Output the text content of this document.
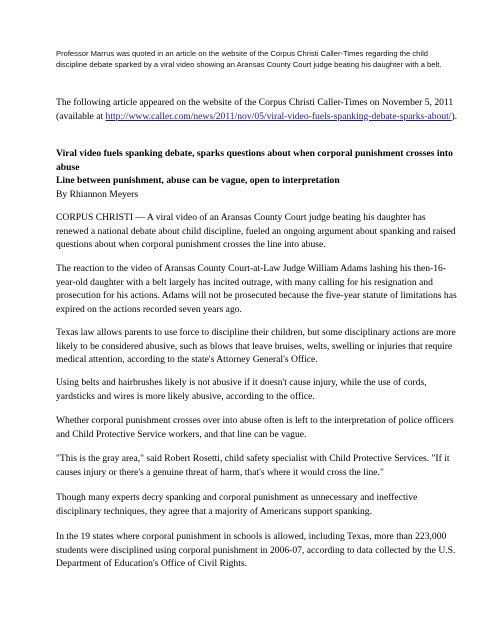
Professor Marrus was quoted in an article on the website of the Corpus Christi Caller-Times regarding the child discipline debate sparked by a viral video showing an Aransas County Court judge beating his daughter with a belt.
The following article appeared on the website of the Corpus Christi Caller-Times on November 5, 2011 (available at http://www.caller.com/news/2011/nov/05/viral-video-fuels-spanking-debate-sparks-about/).
Viral video fuels spanking debate, sparks questions about when corporal punishment crosses into abuse
Line between punishment, abuse can be vague, open to interpretation
By Rhiannon Meyers
CORPUS CHRISTI — A viral video of an Aransas County Court judge beating his daughter has renewed a national debate about child discipline, fueled an ongoing argument about spanking and raised questions about when corporal punishment crosses the line into abuse.
The reaction to the video of Aransas County Court-at-Law Judge William Adams lashing his then-16-year-old daughter with a belt largely has incited outrage, with many calling for his resignation and prosecution for his actions. Adams will not be prosecuted because the five-year statute of limitations has expired on the actions recorded seven years ago.
Texas law allows parents to use force to discipline their children, but some disciplinary actions are more likely to be considered abusive, such as blows that leave bruises, welts, swelling or injuries that require medical attention, according to the state's Attorney General's Office.
Using belts and hairbrushes likely is not abusive if it doesn't cause injury, while the use of cords, yardsticks and wires is more likely abusive, according to the office.
Whether corporal punishment crosses over into abuse often is left to the interpretation of police officers and Child Protective Service workers, and that line can be vague.
"This is the gray area," said Robert Rosetti, child safety specialist with Child Protective Services. "If it causes injury or there's a genuine threat of harm, that's where it would cross the line."
Though many experts decry spanking and corporal punishment as unnecessary and ineffective disciplinary techniques, they agree that a majority of Americans support spanking.
In the 19 states where corporal punishment in schools is allowed, including Texas, more than 223,000 students were disciplined using corporal punishment in 2006-07, according to data collected by the U.S. Department of Education's Office of Civil Rights.
